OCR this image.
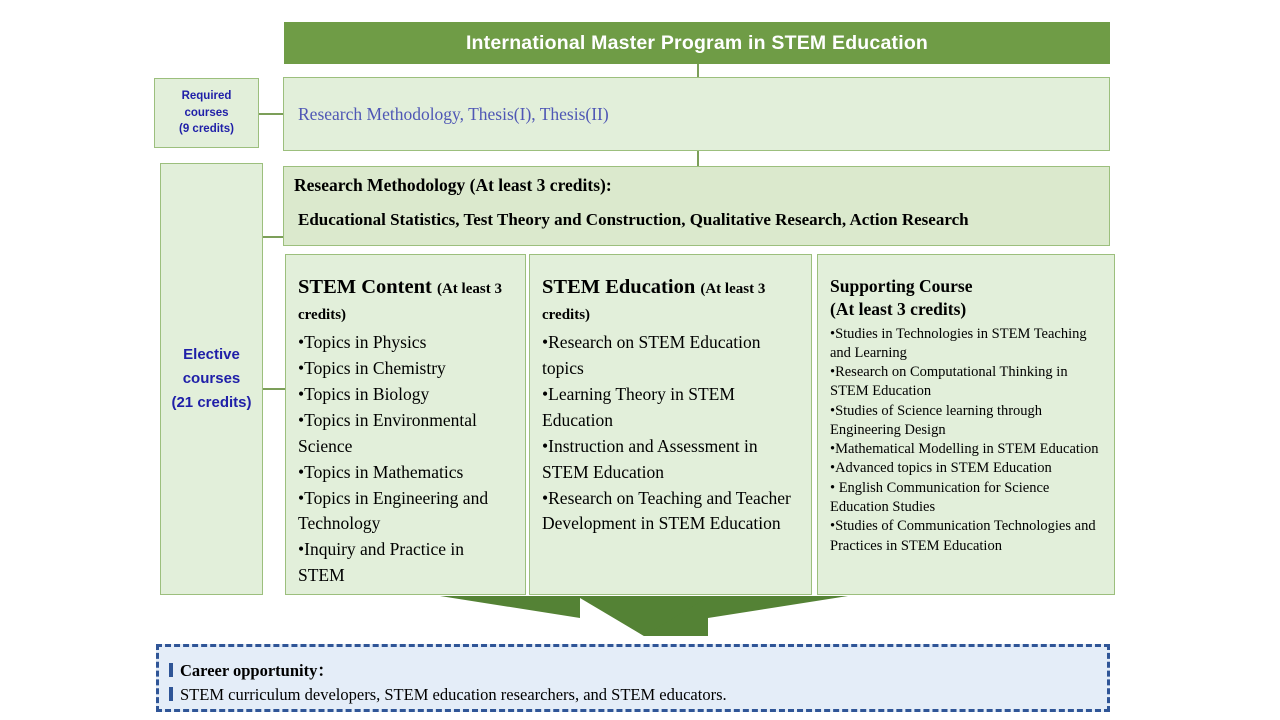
International Master Program in STEM Education
Required
courses
(9 credits)
Elective
courses
(21 credits)
Research Methodology, Thesis(I), Thesis(II)
Research Methodology (At least 3 credits):
Educational Statistics, Test Theory and Construction, Qualitative Research, Action Research
STEM Content (At least 3 credits)
•Topics in Physics
•Topics in Chemistry
•Topics in Biology
•Topics in Environmental Science
•Topics in Mathematics
•Topics in Engineering and Technology
•Inquiry and Practice in STEM
STEM Education (At least 3 credits)
•Research on STEM Education topics
•Learning Theory in STEM Education
•Instruction and Assessment in STEM Education
•Research on Teaching and Teacher Development in STEM Education
Supporting Course
(At least 3 credits)
•Studies in Technologies in STEM Teaching and Learning
•Research on Computational Thinking in STEM Education
•Studies of Science learning through Engineering Design
•Mathematical Modelling in STEM Education
•Advanced topics in STEM Education
• English Communication for Science Education Studies
•Studies of Communication Technologies and Practices in STEM Education
Career opportunity：
STEM curriculum developers, STEM education researchers, and STEM educators.
